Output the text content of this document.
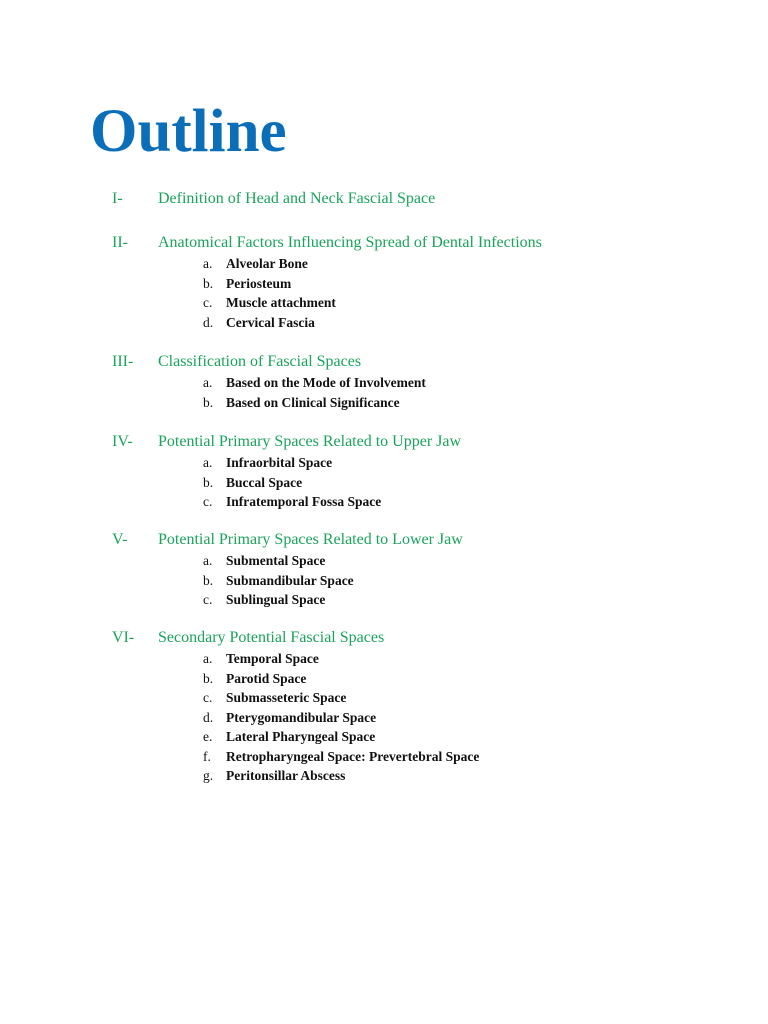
Outline
I- Definition of Head and Neck Fascial Space
II- Anatomical Factors Influencing Spread of Dental Infections
a. Alveolar Bone
b. Periosteum
c. Muscle attachment
d. Cervical Fascia
III- Classification of Fascial Spaces
a. Based on the Mode of Involvement
b. Based on Clinical Significance
IV- Potential Primary Spaces Related to Upper Jaw
a. Infraorbital Space
b. Buccal Space
c. Infratemporal Fossa Space
V- Potential Primary Spaces Related to Lower Jaw
a. Submental Space
b. Submandibular Space
c. Sublingual Space
VI- Secondary Potential Fascial Spaces
a. Temporal Space
b. Parotid Space
c. Submasseteric Space
d. Pterygomandibular Space
e. Lateral Pharyngeal Space
f. Retropharyngeal Space: Prevertebral Space
g. Peritonsillar Abscess
